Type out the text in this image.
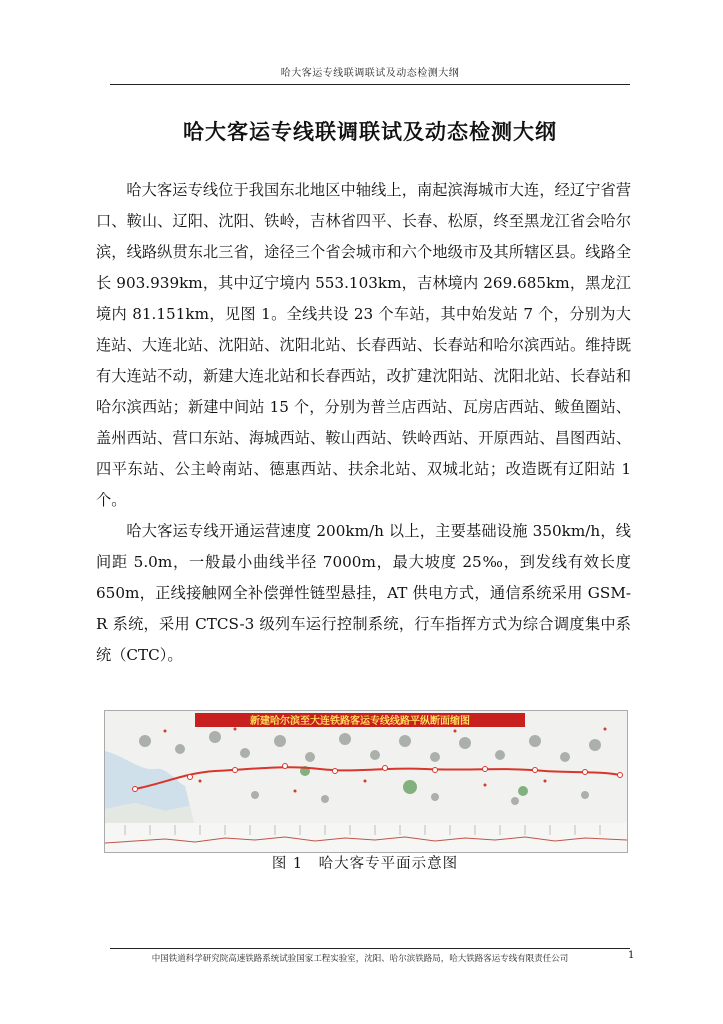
哈大客运专线联调联试及动态检测大纲
哈大客运专线联调联试及动态检测大纲

哈大客运专线位于我国东北地区中轴线上，南起滨海城市大连，经辽宁省营口、鞍山、辽阳、沈阳、铁岭，吉林省四平、长春、松原，终至黑龙江省会哈尔滨，线路纵贯东北三省，途径三个省会城市和六个地级市及其所辖区县。线路全长 903.939km，其中辽宁境内 553.103km，吉林境内 269.685km，黑龙江境内 81.151km，见图 1。全线共设 23 个车站，其中始发站 7 个，分别为大连站、大连北站、沈阳站、沈阳北站、长春西站、长春站和哈尔滨西站。维持既有大连站不动，新建大连北站和长春西站，改扩建沈阳站、沈阳北站、长春站和哈尔滨西站；新建中间站 15 个，分别为普兰店西站、瓦房店西站、鲅鱼圈站、盖州西站、营口东站、海城西站、鞍山西站、铁岭西站、开原西站、昌图西站、四平东站、公主岭南站、德惠西站、扶余北站、双城北站；改造既有辽阳站 1 个。

哈大客运专线开通运营速度 200km/h 以上，主要基础设施 350km/h，线间距 5.0m，一般最小曲线半径 7000m，最大坡度 25‰，到发线有效长度 650m，正线接触网全补偿弹性链型悬挂，AT 供电方式，通信系统采用 GSM-R 系统，采用 CTCS-3 级列车运行控制系统，行车指挥方式为综合调度集中系统（CTC）。

新建哈尔滨至大连铁路客运专线线路平纵断面缩图
图 1　哈大客专平面示意图
中国铁道科学研究院高速铁路系统试验国家工程实验室，沈阳、哈尔滨铁路局，哈大铁路客运专线有限责任公司	1
